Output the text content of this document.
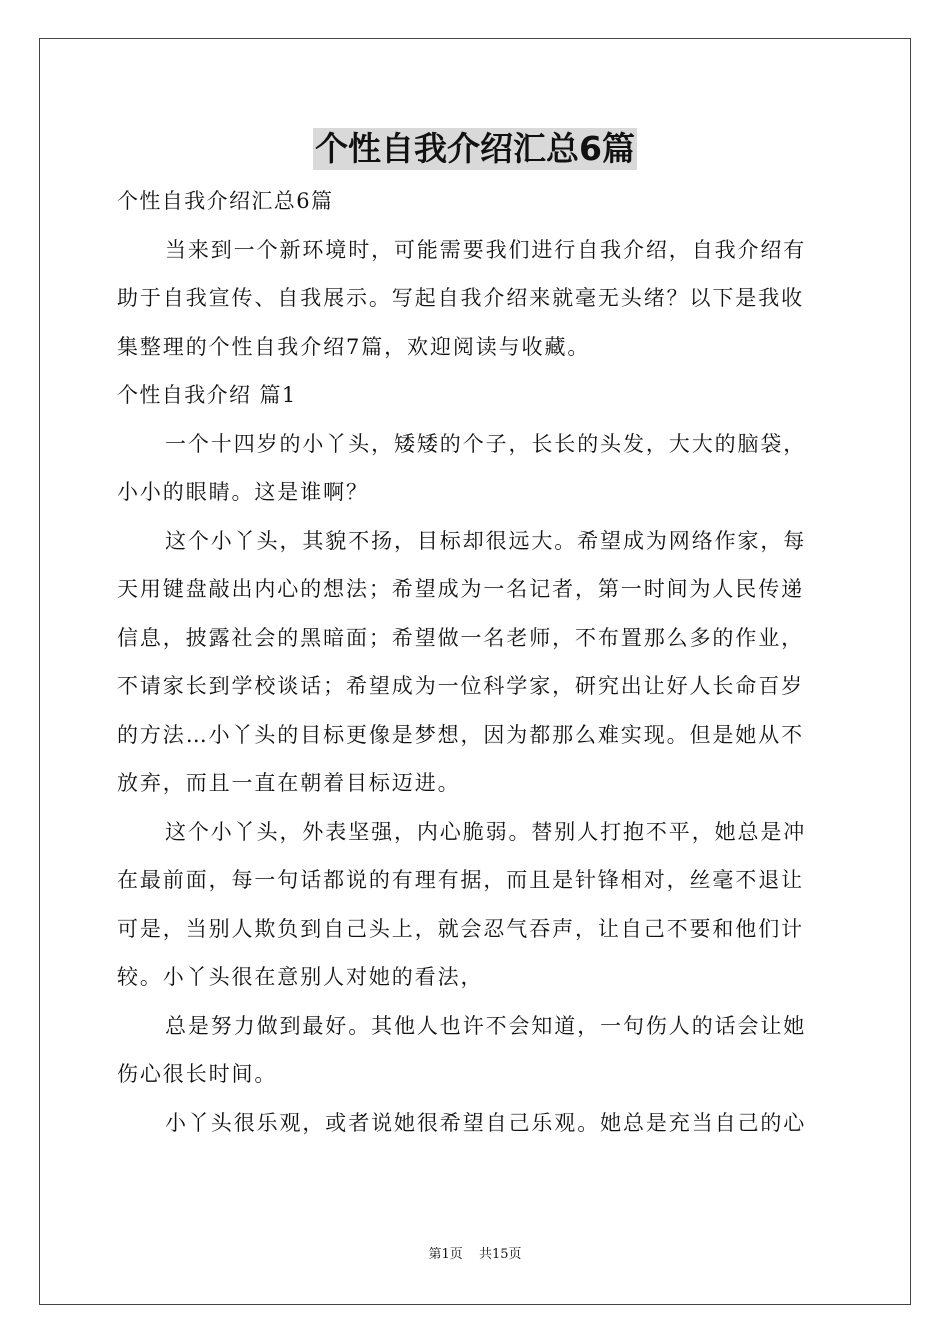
个性自我介绍汇总6篇
个性自我介绍汇总6篇
当来到一个新环境时，可能需要我们进行自我介绍，自我介绍有
助于自我宣传、自我展示。写起自我介绍来就毫无头绪？以下是我收
集整理的个性自我介绍7篇，欢迎阅读与收藏。
个性自我介绍 篇1
一个十四岁的小丫头，矮矮的个子，长长的头发，大大的脑袋，
小小的眼睛。这是谁啊？
这个小丫头，其貌不扬，目标却很远大。希望成为网络作家，每
天用键盘敲出内心的想法；希望成为一名记者，第一时间为人民传递
信息，披露社会的黑暗面；希望做一名老师，不布置那么多的作业，
不请家长到学校谈话；希望成为一位科学家，研究出让好人长命百岁
的方法…小丫头的目标更像是梦想，因为都那么难实现。但是她从不
放弃，而且一直在朝着目标迈进。
这个小丫头，外表坚强，内心脆弱。替别人打抱不平，她总是冲
在最前面，每一句话都说的有理有据，而且是针锋相对，丝毫不退让
可是，当别人欺负到自己头上，就会忍气吞声，让自己不要和他们计
较。小丫头很在意别人对她的看法，
总是努力做到最好。其他人也许不会知道，一句伤人的话会让她
伤心很长时间。
小丫头很乐观，或者说她很希望自己乐观。她总是充当自己的心
第1页 共15页
